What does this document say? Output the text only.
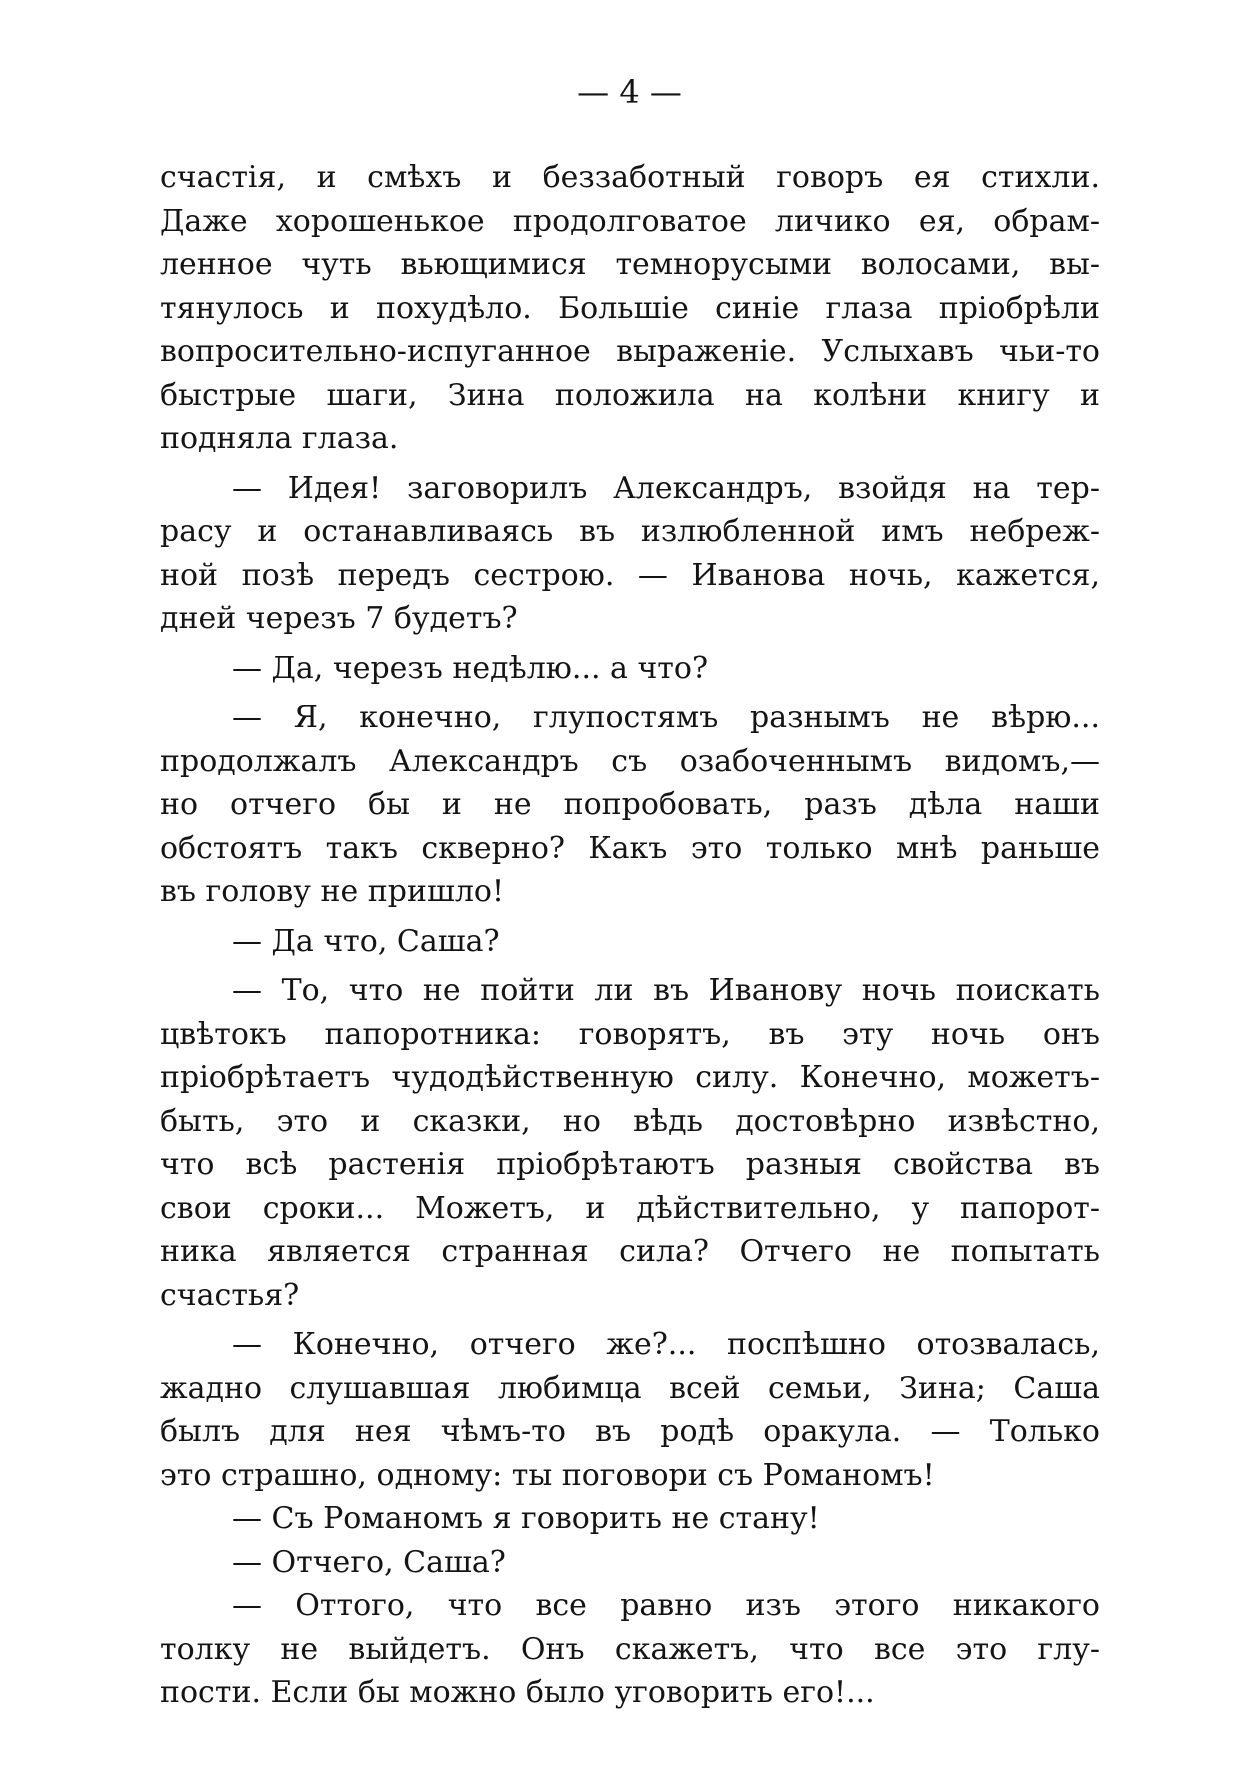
— 4 —
счастія, и смѣхъ и беззаботный говоръ ея стихли.
Даже хорошенькое продолговатое личико ея, обрам-
ленное чуть вьющимися темнорусыми волосами, вы-
тянулось и похудѣло. Большіе синіе глаза пріобрѣли
вопросительно-испуганное выраженіе. Услыхавъ чьи-то
быстрые шаги, Зина положила на колѣни книгу и
подняла глаза.
— Идея! заговорилъ Александръ, взойдя на тер-
расу и останавливаясь въ излюбленной имъ небреж-
ной позѣ передъ сестрою. — Иванова ночь, кажется,
дней черезъ 7 будетъ?
— Да, черезъ недѣлю... а что?
— Я, конечно, глупостямъ разнымъ не вѣрю...
продолжалъ Александръ съ озабоченнымъ видомъ,—
но отчего бы и не попробовать, разъ дѣла наши
обстоятъ такъ скверно? Какъ это только мнѣ раньше
въ голову не пришло!
— Да что, Саша?
— То, что не пойти ли въ Иванову ночь поискать
цвѣтокъ папоротника: говорятъ, въ эту ночь онъ
пріобрѣтаетъ чудодѣйственную силу. Конечно, можетъ-
быть, это и сказки, но вѣдь достовѣрно извѣстно,
что всѣ растенія пріобрѣтаютъ разныя свойства въ
свои сроки... Можетъ, и дѣйствительно, у папорот-
ника является странная сила? Отчего не попытать
счастья?
— Конечно, отчего же?... поспѣшно отозвалась,
жадно слушавшая любимца всей семьи, Зина; Саша
былъ для нея чѣмъ-то въ родѣ оракула. — Только
это страшно, одному: ты поговори съ Романомъ!
— Съ Романомъ я говорить не стану!
— Отчего, Саша?
— Оттого, что все равно изъ этого никакого
толку не выйдетъ. Онъ скажетъ, что все это глу-
пости. Если бы можно было уговорить его!...
